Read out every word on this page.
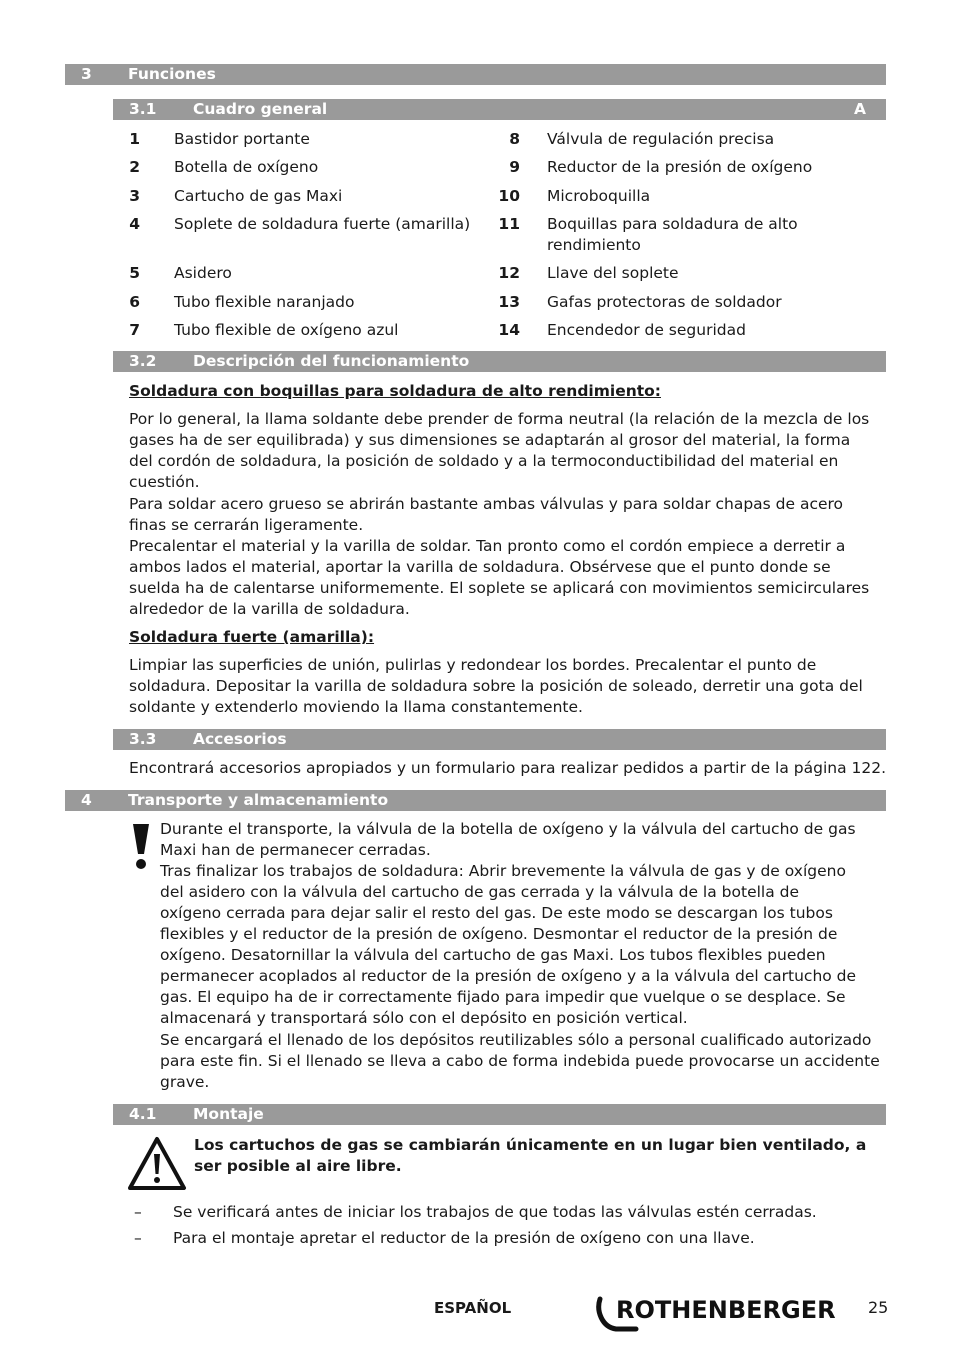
3 Funciones
3.1 Cuadro general	A
1 Bastidor portante
2 Botella de oxígeno
3 Cartucho de gas Maxi
4 Soplete de soldadura fuerte (amarilla)
5 Asidero
6 Tubo flexible naranjado
7 Tubo flexible de oxígeno azul
8 Válvula de regulación precisa
9 Reductor de la presión de oxígeno
10 Microboquilla
11 Boquillas para soldadura de alto rendimiento
12 Llave del soplete
13 Gafas protectoras de soldador
14 Encendedor de seguridad
3.2 Descripción del funcionamiento
Soldadura con boquillas para soldadura de alto rendimiento:
Por lo general, la llama soldante debe prender de forma neutral (la relación de la mezcla de los gases ha de ser equilibrada) y sus dimensiones se adaptarán al grosor del material, la forma del cordón de soldadura, la posición de soldado y a la termoconductibilidad del material en cuestión.
Para soldar acero grueso se abrirán bastante ambas válvulas y para soldar chapas de acero finas se cerrarán ligeramente.
Precalentar el material y la varilla de soldar. Tan pronto como el cordón empiece a derretir a ambos lados el material, aportar la varilla de soldadura. Obsérvese que el punto donde se suelda ha de calentarse uniformemente. El soplete se aplicará con movimientos semicirculares alrededor de la varilla de soldadura.
Soldadura fuerte (amarilla):
Limpiar las superficies de unión, pulirlas y redondear los bordes. Precalentar el punto de soldadura. Depositar la varilla de soldadura sobre la posición de soleado, derretir una gota del soldante y extenderlo moviendo la llama constantemente.
3.3 Accesorios
Encontrará accesorios apropiados y un formulario para realizar pedidos a partir de la página 122.
4 Transporte y almacenamiento
Durante el transporte, la válvula de la botella de oxígeno y la válvula del cartucho de gas Maxi han de permanecer cerradas.
Tras finalizar los trabajos de soldadura: Abrir brevemente la válvula de gas y de oxígeno del asidero con la válvula del cartucho de gas cerrada y la válvula de la botella de oxígeno cerrada para dejar salir el resto del gas. De este modo se descargan los tubos flexibles y el reductor de la presión de oxígeno. Desmontar el reductor de la presión de oxígeno. Desatornillar la válvula del cartucho de gas Maxi. Los tubos flexibles pueden permanecer acoplados al reductor de la presión de oxígeno y a la válvula del cartucho de gas. El equipo ha de ir correctamente fijado para impedir que vuelque o se desplace. Se almacenará y transportará sólo con el depósito en posición vertical.
Se encargará el llenado de los depósitos reutilizables sólo a personal cualificado autorizado para este fin. Si el llenado se lleva a cabo de forma indebida puede provocarse un accidente grave.
4.1 Montaje
Los cartuchos de gas se cambiarán únicamente en un lugar bien ventilado, a ser posible al aire libre.
– Se verificará antes de iniciar los trabajos de que todas las válvulas estén cerradas.
– Para el montaje apretar el reductor de la presión de oxígeno con una llave.
ESPAÑOL	ROTHENBERGER 25
